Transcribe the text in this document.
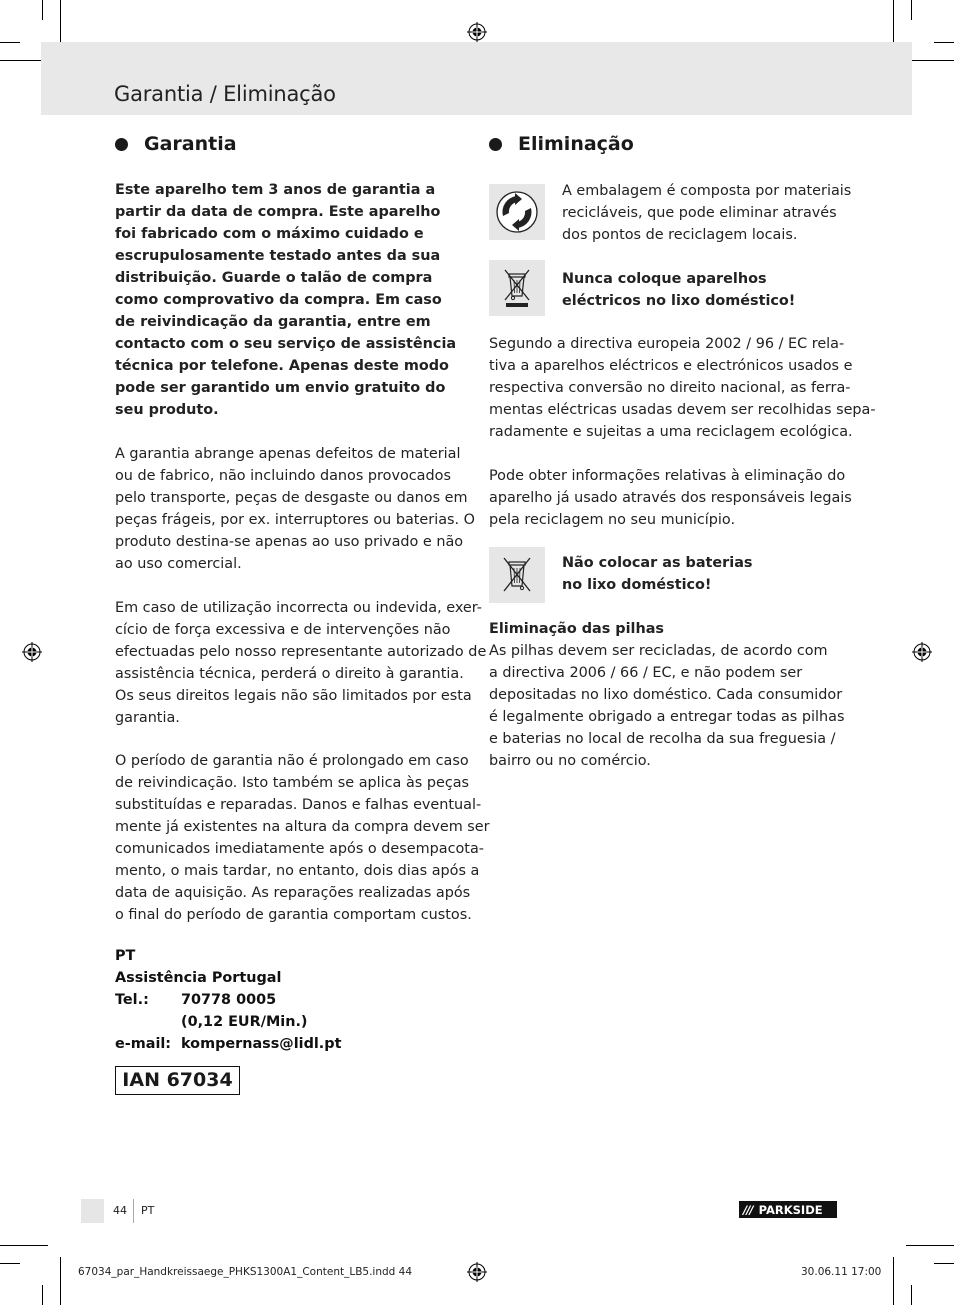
Garantia / Eliminação
Garantia
Este aparelho tem 3 anos de garantia a
partir da data de compra. Este aparelho
foi fabricado com o máximo cuidado e
escrupulosamente testado antes da sua
distribuição. Guarde o talão de compra
como comprovativo da compra. Em caso
de reivindicação da garantia, entre em
contacto com o seu serviço de assistência
técnica por telefone. Apenas deste modo
pode ser garantido um envio gratuito do
seu produto.
A garantia abrange apenas defeitos de material
ou de fabrico, não incluindo danos provocados
pelo transporte, peças de desgaste ou danos em
peças frágeis, por ex. interruptores ou baterias. O
produto destina-se apenas ao uso privado e não
ao uso comercial.
Em caso de utilização incorrecta ou indevida, exer-
cício de força excessiva e de intervenções não
efectuadas pelo nosso representante autorizado de
assistência técnica, perderá o direito à garantia.
Os seus direitos legais não são limitados por esta
garantia.
O período de garantia não é prolongado em caso
de reivindicação. Isto também se aplica às peças
substituídas e reparadas. Danos e falhas eventual-
mente já existentes na altura da compra devem ser
comunicados imediatamente após o desempacota-
mento, o mais tardar, no entanto, dois dias após a
data de aquisição. As reparações realizadas após
o final do período de garantia comportam custos.
PT
Assistência Portugal
Tel.:	70778 0005
(0,12 EUR/Min.)
e-mail: kompernass@lidl.pt
IAN 67034
Eliminação
A embalagem é composta por materiais
recicláveis, que pode eliminar através
dos pontos de reciclagem locais.
Nunca coloque aparelhos
eléctricos no lixo doméstico!
Segundo a directiva europeia 2002 / 96 / EC rela-
tiva a aparelhos eléctricos e electrónicos usados e
respectiva conversão no direito nacional, as ferra-
mentas eléctricas usadas devem ser recolhidas sepa-
radamente e sujeitas a uma reciclagem ecológica.
Pode obter informações relativas à eliminação do
aparelho já usado através dos responsáveis legais
pela reciclagem no seu município.
Não colocar as baterias
no lixo doméstico!
Eliminação das pilhas
As pilhas devem ser recicladas, de acordo com
a directiva 2006 / 66 / EC, e não podem ser
depositadas no lixo doméstico. Cada consumidor
é legalmente obrigado a entregar todas as pilhas
e baterias no local de recolha da sua freguesia /
bairro ou no comércio.
44 PT	/// PARKSIDE
67034_par_Handkreissaege_PHKS1300A1_Content_LB5.indd 44	30.06.11 17:00
